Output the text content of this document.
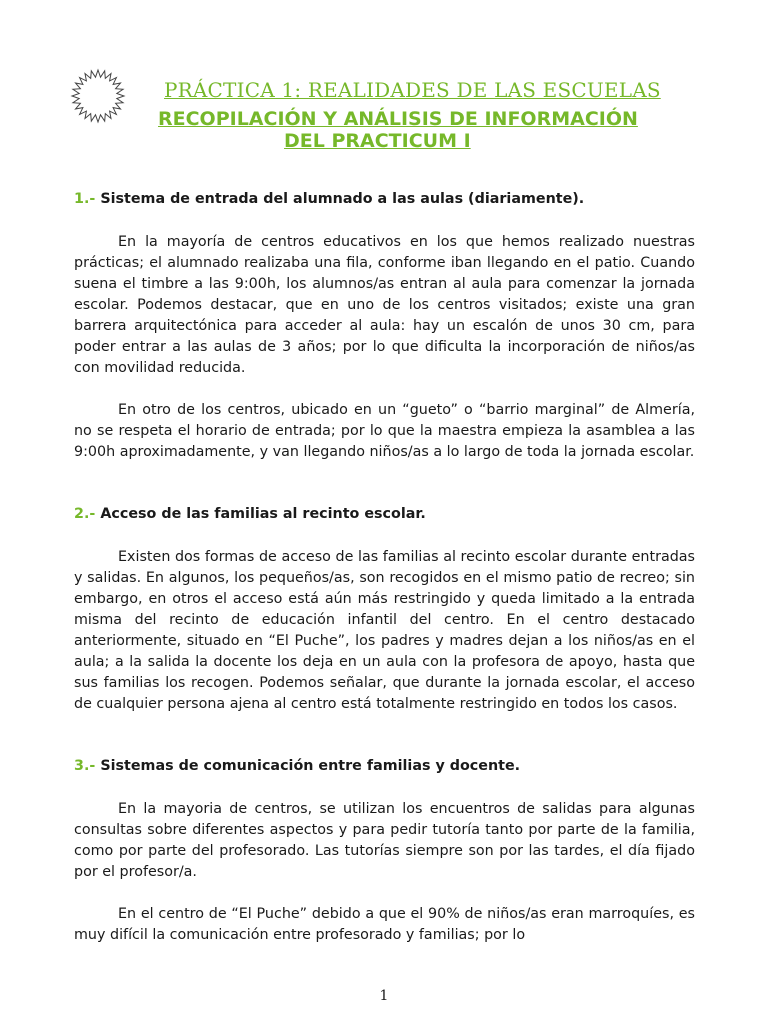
PRÁCTICA 1: REALIDADES DE LAS ESCUELAS
RECOPILACIÓN Y ANÁLISIS DE INFORMACIÓN
DEL PRACTICUM I
1.- Sistema de entrada del alumnado a las aulas (diariamente).

En la mayoría de centros educativos en los que hemos realizado nuestras prácticas; el alumnado realizaba una fila, conforme iban llegando en el patio. Cuando suena el timbre a las 9:00h, los alumnos/as entran al aula para comenzar la jornada escolar. Podemos destacar, que en uno de los centros visitados; existe una gran barrera arquitectónica para acceder al aula: hay un escalón de unos 30 cm, para poder entrar a las aulas de 3 años; por lo que dificulta la incorporación de niños/as con movilidad reducida.

En otro de los centros, ubicado en un “gueto” o “barrio marginal” de Almería, no se respeta el horario de entrada; por lo que la maestra empieza la asamblea a las 9:00h aproximadamente, y van llegando niños/as a lo largo de toda la jornada escolar.

2.- Acceso de las familias al recinto escolar.

Existen dos formas de acceso de las familias al recinto escolar durante entradas y salidas. En algunos, los pequeños/as, son recogidos en el mismo patio de recreo; sin embargo, en otros el acceso está aún más restringido y queda limitado a la entrada misma del recinto de educación infantil del centro. En el centro destacado anteriormente, situado en “El Puche”, los padres y madres dejan a los niños/as en el aula; a la salida la docente los deja en un aula con la profesora de apoyo, hasta que sus familias los recogen. Podemos señalar, que durante la jornada escolar, el acceso de cualquier persona ajena al centro está totalmente restringido en todos los casos.

3.- Sistemas de comunicación entre familias y docente.

En la mayoria de centros, se utilizan los encuentros de salidas para algunas consultas sobre diferentes aspectos y para pedir tutoría tanto por parte de la familia, como por parte del profesorado. Las tutorías siempre son por las tardes, el día fijado por el profesor/a.

En el centro de “El Puche” debido a que el 90% de niños/as eran marroquíes, es muy difícil la comunicación entre profesorado y familias; por lo

1
